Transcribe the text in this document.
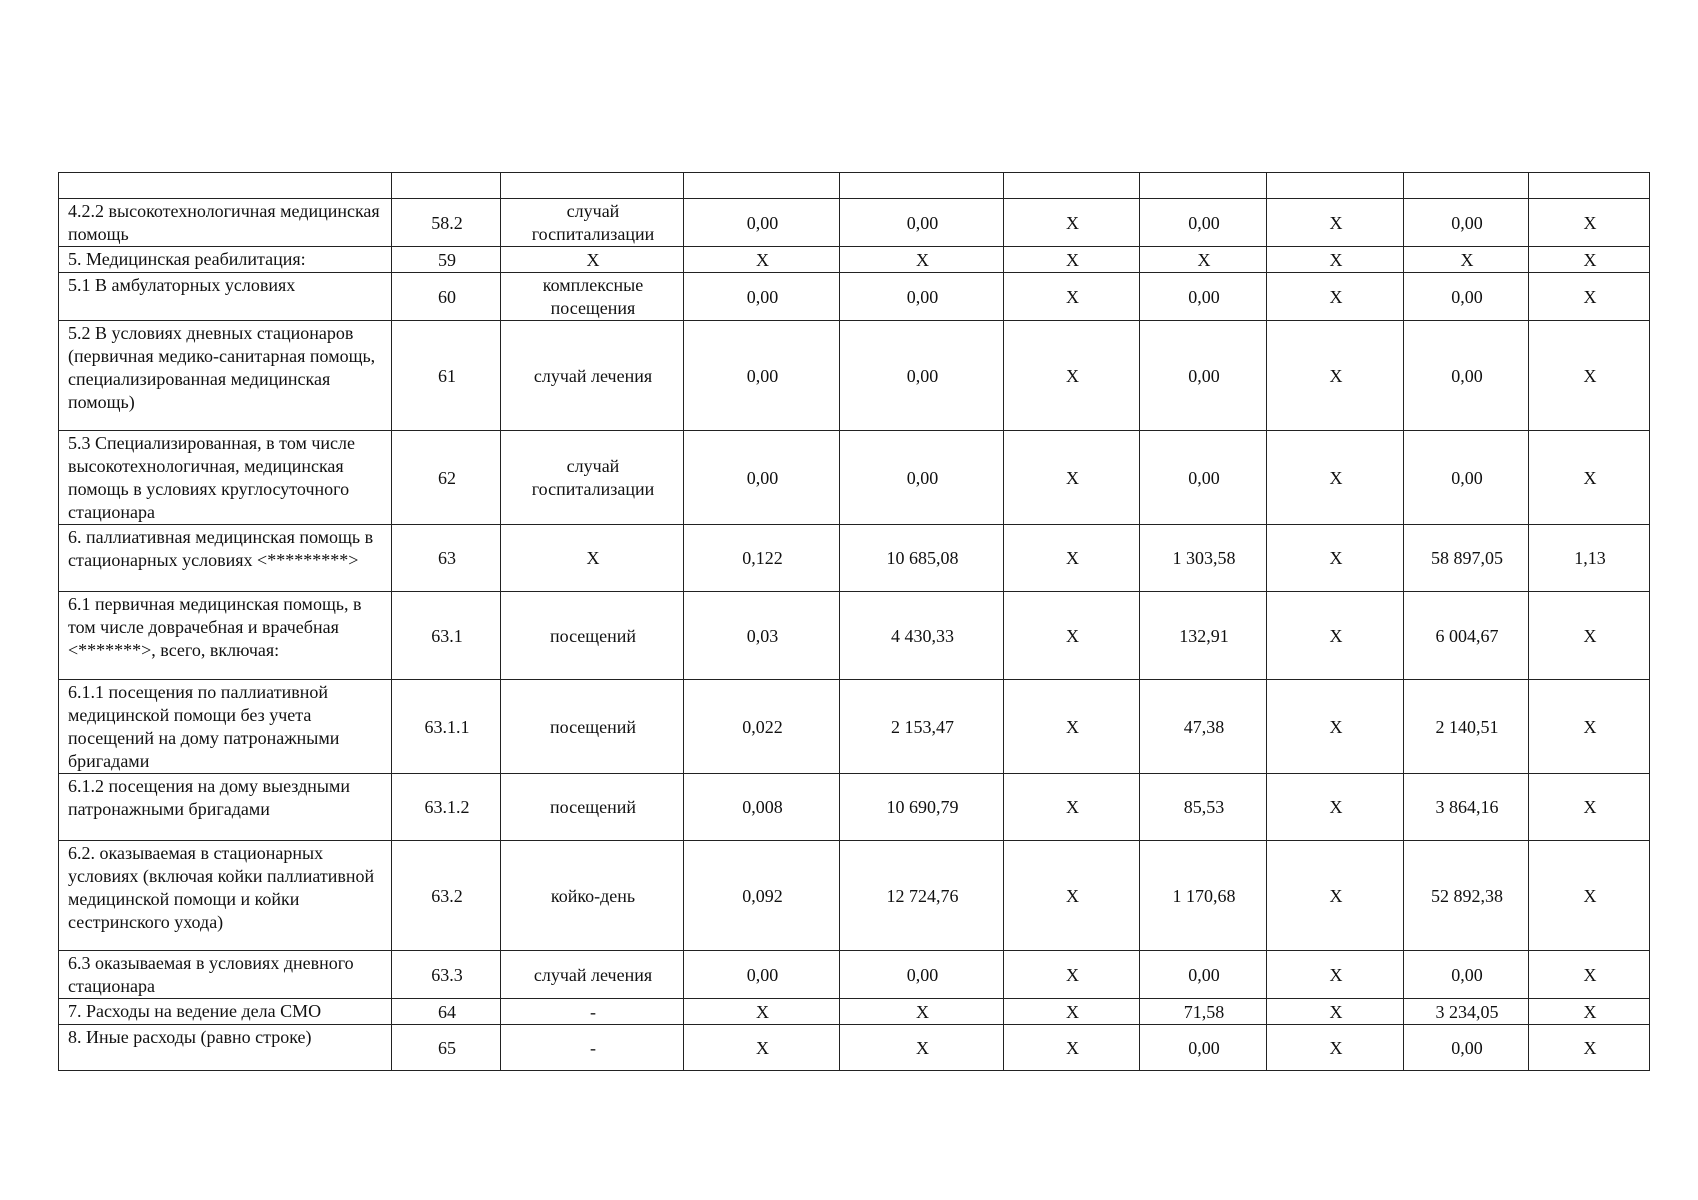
4.2.2 высокотехнологичная медицинская помощь	58.2	случай госпитализации	0,00	0,00	X	0,00	X	0,00	X
5. Медицинская реабилитация:	59	X	X	X	X	X	X	X	X
5.1 В амбулаторных условиях	60	комплексные посещения	0,00	0,00	X	0,00	X	0,00	X
5.2 В условиях дневных стационаров (первичная медико-санитарная помощь, специализированная медицинская помощь)	61	случай лечения	0,00	0,00	X	0,00	X	0,00	X
5.3 Специализированная, в том числе высокотехнологичная, медицинская помощь в условиях круглосуточного стационара	62	случай госпитализации	0,00	0,00	X	0,00	X	0,00	X
6. паллиативная медицинская помощь в стационарных условиях <*********>	63	X	0,122	10 685,08	X	1 303,58	X	58 897,05	1,13
6.1 первичная медицинская помощь, в том числе доврачебная и врачебная <*******>, всего, включая:	63.1	посещений	0,03	4 430,33	X	132,91	X	6 004,67	X
6.1.1 посещения по паллиативной медицинской помощи без учета посещений на дому патронажными бригадами	63.1.1	посещений	0,022	2 153,47	X	47,38	X	2 140,51	X
6.1.2 посещения на дому выездными патронажными бригадами	63.1.2	посещений	0,008	10 690,79	X	85,53	X	3 864,16	X
6.2. оказываемая в стационарных условиях (включая койки паллиативной медицинской помощи и койки сестринского ухода)	63.2	койко-день	0,092	12 724,76	X	1 170,68	X	52 892,38	X
6.3 оказываемая в условиях дневного стационара	63.3	случай лечения	0,00	0,00	X	0,00	X	0,00	X
7. Расходы на ведение дела СМО	64	-	X	X	X	71,58	X	3 234,05	X
8. Иные расходы (равно строке)	65	-	X	X	X	0,00	X	0,00	X
